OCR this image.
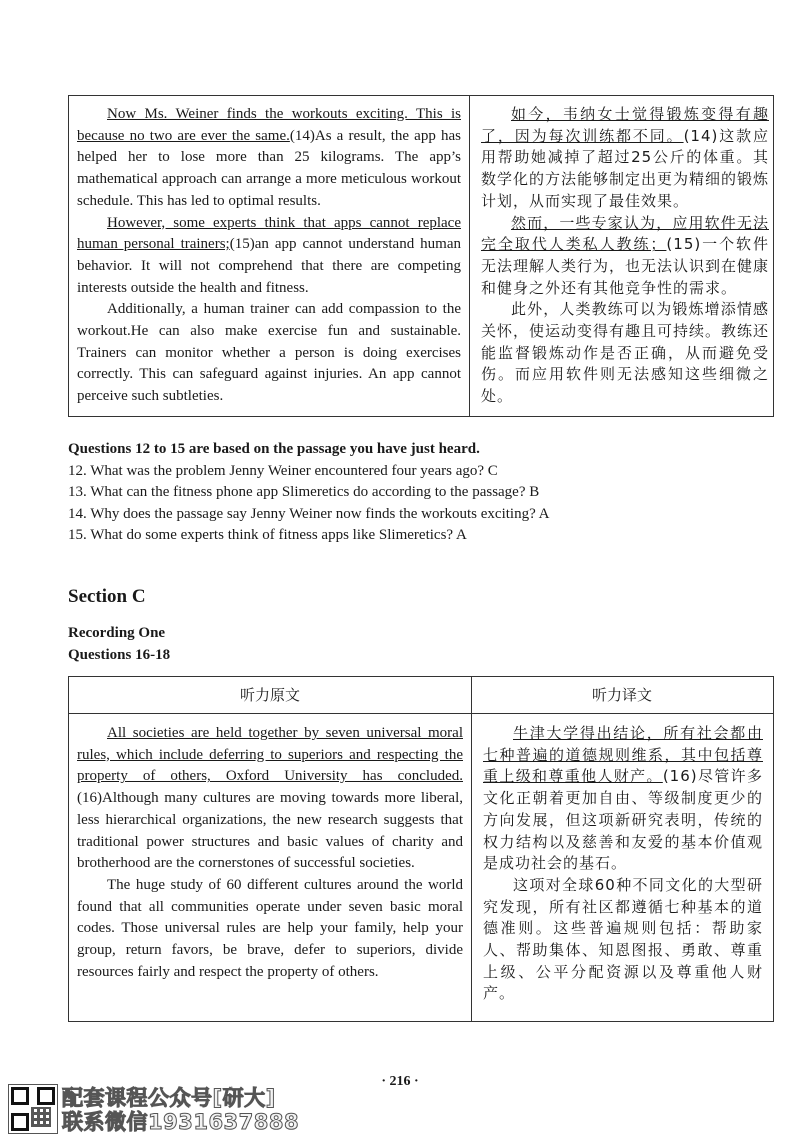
Now Ms. Weiner finds the workouts exciting. This is because no two are ever the same.(14)As a result, the app has helped her to lose more than 25 kilograms. The app’s mathematical approach can arrange a more meticulous workout schedule. This has led to optimal results.

However, some experts think that apps cannot replace human personal trainers;(15)an app cannot understand human behavior. It will not comprehend that there are competing interests outside the health and fitness.

Additionally, a human trainer can add compassion to the workout.He can also make exercise fun and sustainable. Trainers can monitor whether a person is doing exercises correctly. This can safeguard against injuries. An app cannot perceive such subtleties.

如今，韦纳女士觉得锻炼变得有趣了，因为每次训练都不同。(14)这款应用帮助她减掉了超过25公斤的体重。其数学化的方法能够制定出更为精细的锻炼计划，从而实现了最佳效果。

然而，一些专家认为，应用软件无法完全取代人类私人教练；(15)一个软件无法理解人类行为，也无法认识到在健康和健身之外还有其他竞争性的需求。

此外，人类教练可以为锻炼增添情感关怀，使运动变得有趣且可持续。教练还能监督锻炼动作是否正确，从而避免受伤。而应用软件则无法感知这些细微之处。

Questions 12 to 15 are based on the passage you have just heard.
12. What was the problem Jenny Weiner encountered four years ago? C
13. What can the fitness phone app Slimeretics do according to the passage? B
14. Why does the passage say Jenny Weiner now finds the workouts exciting? A
15. What do some experts think of fitness apps like Slimeretics? A
Section C
Recording One
Questions 16-18
听力原文	听力译文

All societies are held together by seven universal moral rules, which include deferring to superiors and respecting the property of others, Oxford University has concluded.(16)Although many cultures are moving towards more liberal, less hierarchical organizations, the new research suggests that traditional power structures and basic values of charity and brotherhood are the cornerstones of successful societies.

The huge study of 60 different cultures around the world found that all communities operate under seven basic moral codes. Those universal rules are help your family, help your group, return favors, be brave, defer to superiors, divide resources fairly and respect the property of others.

牛津大学得出结论，所有社会都由七种普遍的道德规则维系，其中包括尊重上级和尊重他人财产。(16)尽管许多文化正朝着更加自由、等级制度更少的方向发展，但这项新研究表明，传统的权力结构以及慈善和友爱的基本价值观是成功社会的基石。

这项对全球60种不同文化的大型研究发现，所有社区都遵循七种基本的道德准则。这些普遍规则包括：帮助家人、帮助集体、知恩图报、勇敢、尊重上级、公平分配资源以及尊重他人财产。

· 216 ·
配套课程公众号[研大]
联系微信1931637888
